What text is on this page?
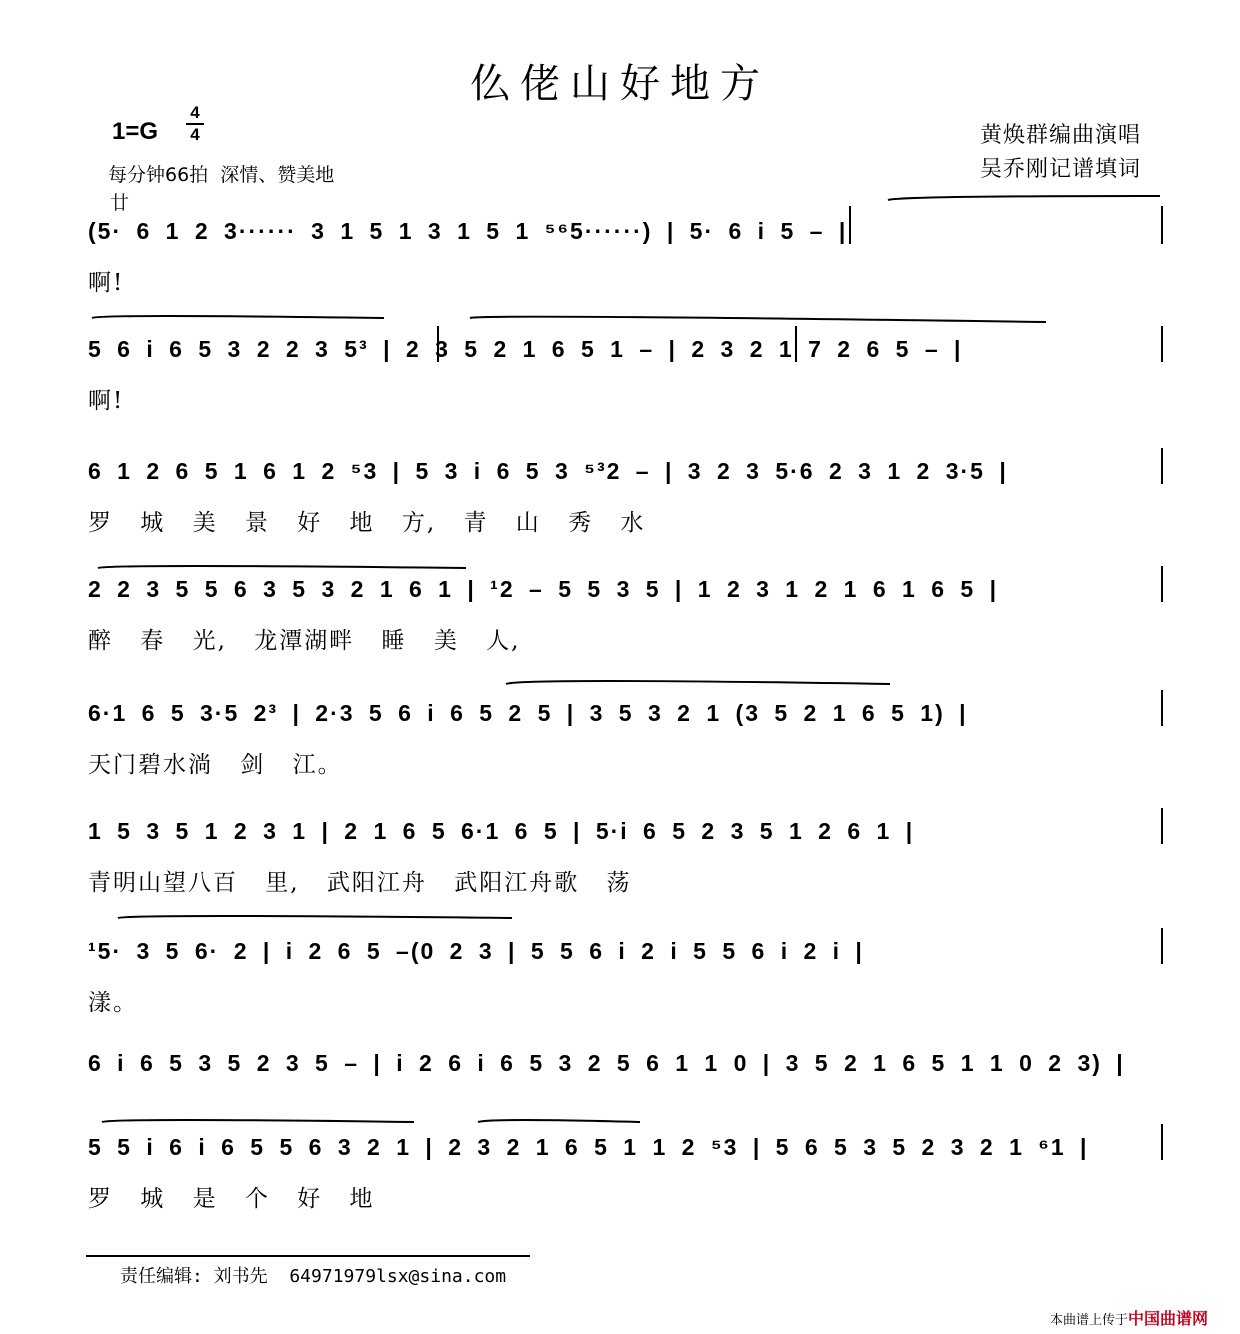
仫佬山好地方
1=G
4
4
每分钟66拍  深情、赞美地
廿
黄焕群编曲演唱
吴乔刚记谱填词
(5· 6 1 2 3······ 3 1 5 1 3 1 5 1 ⁵⁶5······) | 5· 6 i 5 – |
啊!
5 6 i 6 5 3 2 2 3 5³ | 2 3 5 2 1 6 5 1 – | 2 3 2 1 7 2 6 5 – |
啊!
6 1 2 6 5 1 6 1 2 ⁵3 | 5 3 i 6 5 3 ⁵³2 – | 3 2 3 5·6 2 3 1 2 3·5 |
罗 城 美 景 好 地 方, 青 山 秀 水
2 2 3 5 5 6 3 5 3 2 1 6 1 | ¹2 – 5 5 3 5 | 1 2 3 1 2 1 6 1 6 5 |
醉 春 光, 龙潭湖畔 睡 美 人,
6·1 6 5 3·5 2³ | 2·3 5 6 i 6 5 2 5 | 3 5 3 2 1 (3 5 2 1 6 5 1) |
天门碧水淌 剑 江。
1 5 3 5 1 2 3 1 | 2 1 6 5 6·1 6 5 | 5·i 6 5 2 3 5 1 2 6 1 |
青明山望八百 里, 武阳江舟 武阳江舟歌 荡
¹5· 3 5 6· 2 | i 2 6 5 –(0 2 3 | 5 5 6 i 2 i 5 5 6 i 2 i |
漾。
6 i 6 5 3 5 2 3 5 – | i 2 6 i 6 5 3 2 5 6 1 1 0 | 3 5 2 1 6 5 1 1 0 2 3) |
5 5 i 6 i 6 5 5 6 3 2 1 | 2 3 2 1 6 5 1 1 2 ⁵3 | 5 6 5 3 5 2 3 2 1 ⁶1 |
罗 城 是 个 好 地
责任编辑: 刘书先  64971979lsx@sina.com
本曲谱上传于中国曲谱网
